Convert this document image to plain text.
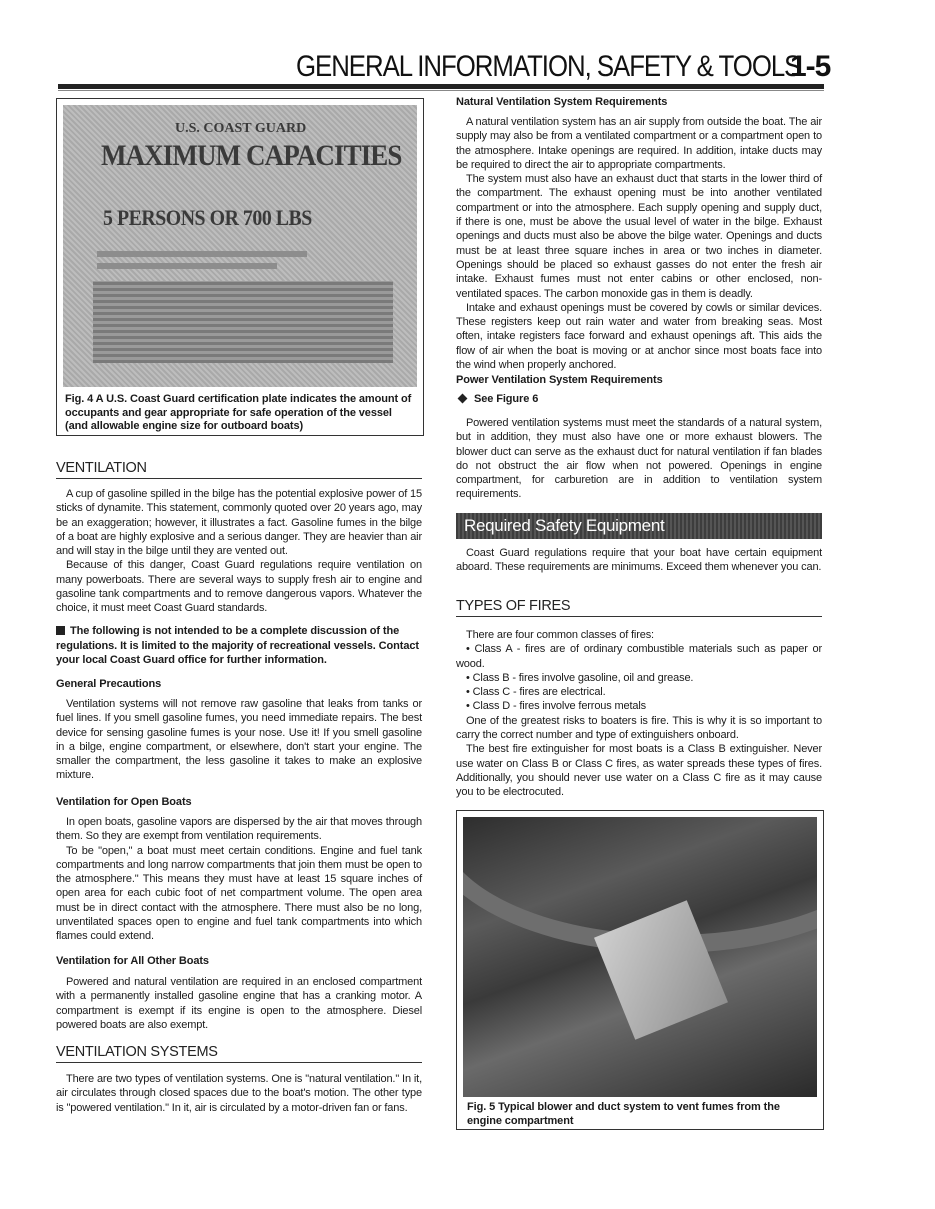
GENERAL INFORMATION, SAFETY & TOOLS
1-5
U.S. COAST GUARD
MAXIMUM CAPACITIES
5 PERSONS OR 700 LBS
Fig. 4 A U.S. Coast Guard certification plate indicates the amount of occupants and gear appropriate for safe operation of the vessel (and allowable engine size for outboard boats)
VENTILATION

A cup of gasoline spilled in the bilge has the potential explosive power of 15 sticks of dynamite. This statement, commonly quoted over 20 years ago, may be an exaggeration; however, it illustrates a fact. Gasoline fumes in the bilge of a boat are highly explosive and a serious danger. They are heavier than air and will stay in the bilge until they are vented out.

Because of this danger, Coast Guard regulations require ventilation on many powerboats. There are several ways to supply fresh air to engine and gasoline tank compartments and to remove dangerous vapors. Whatever the choice, it must meet Coast Guard standards.

The following is not intended to be a complete discussion of the regulations. It is limited to the majority of recreational vessels. Contact your local Coast Guard office for further information.
General Precautions

Ventilation systems will not remove raw gasoline that leaks from tanks or fuel lines. If you smell gasoline fumes, you need immediate repairs. The best device for sensing gasoline fumes is your nose. Use it! If you smell gasoline in a bilge, engine compartment, or elsewhere, don't start your engine. The smaller the compartment, the less gasoline it takes to make an explosive mixture.

Ventilation for Open Boats

In open boats, gasoline vapors are dispersed by the air that moves through them. So they are exempt from ventilation requirements.

To be "open," a boat must meet certain conditions. Engine and fuel tank compartments and long narrow compartments that join them must be open to the atmosphere." This means they must have at least 15 square inches of open area for each cubic foot of net compartment volume. The open area must be in direct contact with the atmosphere. There must also be no long, unventilated spaces open to engine and fuel tank compartments into which flames could extend.

Ventilation for All Other Boats

Powered and natural ventilation are required in an enclosed compartment with a permanently installed gasoline engine that has a cranking motor. A compartment is exempt if its engine is open to the atmosphere. Diesel powered boats are also exempt.

VENTILATION SYSTEMS

There are two types of ventilation systems. One is "natural ventilation." In it, air circulates through closed spaces due to the boat's motion. The other type is "powered ventilation." In it, air is circulated by a motor-driven fan or fans.

Natural Ventilation System Requirements

A natural ventilation system has an air supply from outside the boat. The air supply may also be from a ventilated compartment or a compartment open to the atmosphere. Intake openings are required. In addition, intake ducts may be required to direct the air to appropriate compartments.

The system must also have an exhaust duct that starts in the lower third of the compartment. The exhaust opening must be into another ventilated compartment or into the atmosphere. Each supply opening and supply duct, if there is one, must be above the usual level of water in the bilge. Exhaust openings and ducts must also be above the bilge water. Openings and ducts must be at least three square inches in area or two inches in diameter. Openings should be placed so exhaust gasses do not enter the fresh air intake. Exhaust fumes must not enter cabins or other enclosed, non-ventilated spaces. The carbon monoxide gas in them is deadly.

Intake and exhaust openings must be covered by cowls or similar devices. These registers keep out rain water and water from breaking seas. Most often, intake registers face forward and exhaust openings aft. This aids the flow of air when the boat is moving or at anchor since most boats face into the wind when properly anchored.

Power Ventilation System Requirements
See Figure 6

Powered ventilation systems must meet the standards of a natural system, but in addition, they must also have one or more exhaust blowers. The blower duct can serve as the exhaust duct for natural ventilation if fan blades do not obstruct the air flow when not powered. Openings in engine compartment, for carburetion are in addition to ventilation system requirements.

Required Safety Equipment

Coast Guard regulations require that your boat have certain equipment aboard. These requirements are minimums. Exceed them whenever you can.

TYPES OF FIRES

There are four common classes of fires:

• Class A - fires are of ordinary combustible materials such as paper or wood.
• Class B - fires involve gasoline, oil and grease.
• Class C - fires are electrical.
• Class D - fires involve ferrous metals

One of the greatest risks to boaters is fire. This is why it is so important to carry the correct number and type of extinguishers onboard.

The best fire extinguisher for most boats is a Class B extinguisher. Never use water on Class B or Class C fires, as water spreads these types of fires. Additionally, you should never use water on a Class C fire as it may cause you to be electrocuted.

Fig. 5 Typical blower and duct system to vent fumes from the engine compartment
